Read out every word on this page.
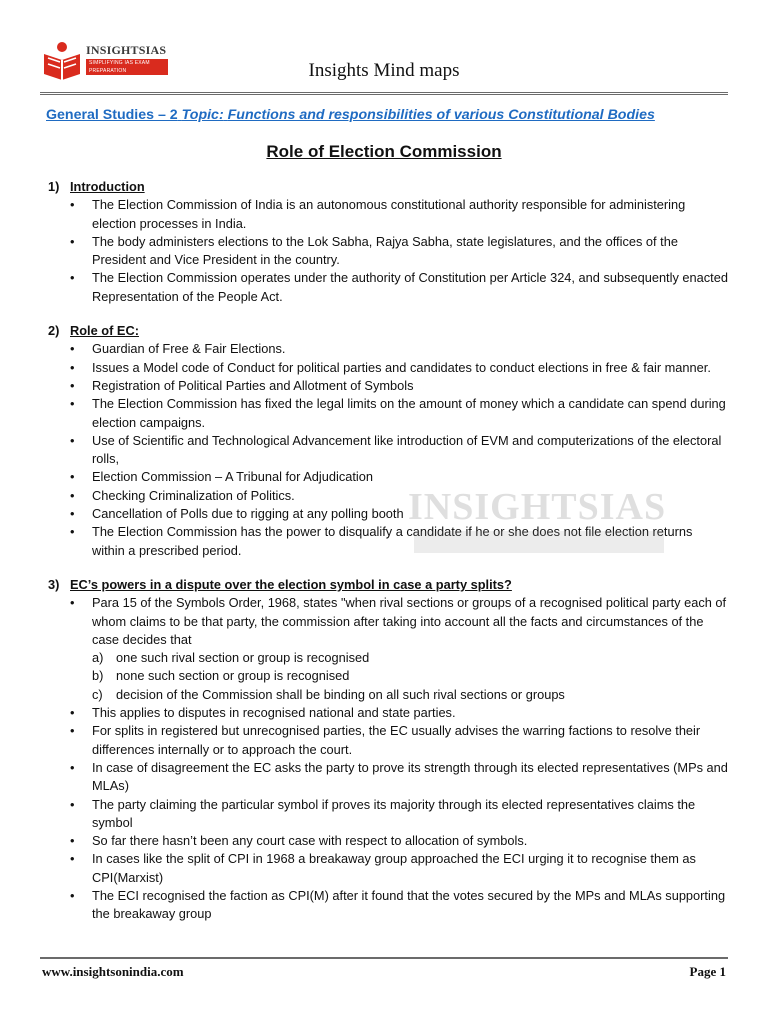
INSIGHTSIAS
SIMPLIFYING IAS EXAM PREPARATION	Insights Mind maps
General Studies – 2 Topic: Functions and responsibilities of various Constitutional Bodies
Role of Election Commission
1) Introduction
• The Election Commission of India is an autonomous constitutional authority responsible for administering election processes in India.
• The body administers elections to the Lok Sabha, Rajya Sabha, state legislatures, and the offices of the President and Vice President in the country.
• The Election Commission operates under the authority of Constitution per Article 324, and subsequently enacted Representation of the People Act.
2) Role of EC:
• Guardian of Free & Fair Elections.
• Issues a Model code of Conduct for political parties and candidates to conduct elections in free & fair manner.
• Registration of Political Parties and Allotment of Symbols
• The Election Commission has fixed the legal limits on the amount of money which a candidate can spend during election campaigns.
• Use of Scientific and Technological Advancement like introduction of EVM and computerizations of the electoral rolls,
• Election Commission – A Tribunal for Adjudication
• Checking Criminalization of Politics.
• Cancellation of Polls due to rigging at any polling booth
• The Election Commission has the power to disqualify a candidate if he or she does not file election returns within a prescribed period.
3) EC’s powers in a dispute over the election symbol in case a party splits?
• Para 15 of the Symbols Order, 1968, states "when rival sections or groups of a recognised political party each of whom claims to be that party, the commission after taking into account all the facts and circumstances of the case decides that
a) one such rival section or group is recognised
b) none such section or group is recognised
c) decision of the Commission shall be binding on all such rival sections or groups
• This applies to disputes in recognised national and state parties.
• For splits in registered but unrecognised parties, the EC usually advises the warring factions to resolve their differences internally or to approach the court.
• In case of disagreement the EC asks the party to prove its strength through its elected representatives (MPs and MLAs)
• The party claiming the particular symbol if proves its majority through its elected representatives claims the symbol
• So far there hasn’t been any court case with respect to allocation of symbols.
• In cases like the split of CPI in 1968 a breakaway group approached the ECI urging it to recognise them as CPI(Marxist)
• The ECI recognised the faction as CPI(M) after it found that the votes secured by the MPs and MLAs supporting the breakaway group
INSIGHTSIAS
www.insightsonindia.com	Page 1
